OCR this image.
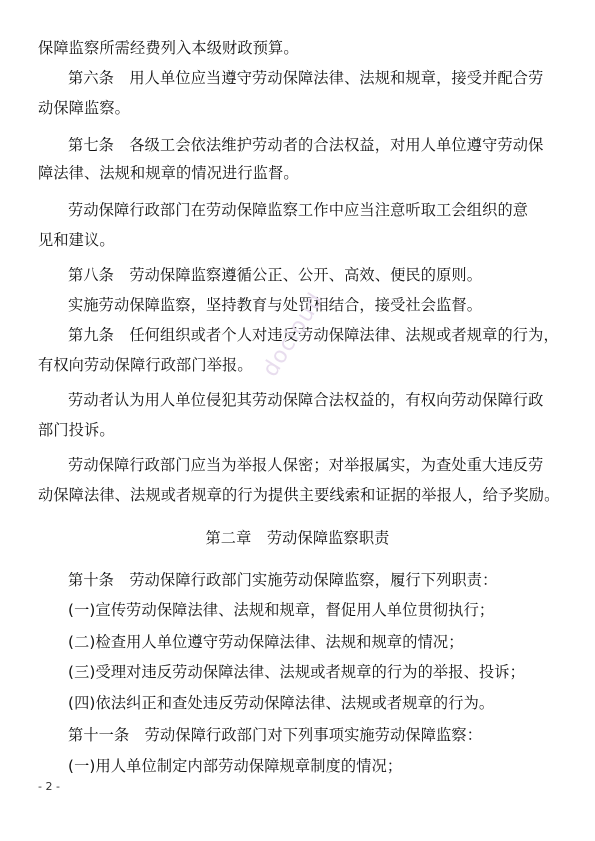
保障监察所需经费列入本级财政预算。
第六条　用人单位应当遵守劳动保障法律、法规和规章，接受并配合劳
动保障监察。
第七条　各级工会依法维护劳动者的合法权益，对用人单位遵守劳动保
障法律、法规和规章的情况进行监督。
劳动保障行政部门在劳动保障监察工作中应当注意听取工会组织的意
见和建议。
第八条　劳动保障监察遵循公正、公开、高效、便民的原则。
实施劳动保障监察，坚持教育与处罚相结合，接受社会监督。
第九条　任何组织或者个人对违反劳动保障法律、法规或者规章的行为，
有权向劳动保障行政部门举报。
劳动者认为用人单位侵犯其劳动保障合法权益的，有权向劳动保障行政
部门投诉。
劳动保障行政部门应当为举报人保密；对举报属实，为查处重大违反劳
动保障法律、法规或者规章的行为提供主要线索和证据的举报人，给予奖励。
第二章　劳动保障监察职责
第十条　劳动保障行政部门实施劳动保障监察，履行下列职责：
(一)宣传劳动保障法律、法规和规章，督促用人单位贯彻执行；
(二)检查用人单位遵守劳动保障法律、法规和规章的情况；
(三)受理对违反劳动保障法律、法规或者规章的行为的举报、投诉；
(四)依法纠正和查处违反劳动保障法律、法规或者规章的行为。
第十一条　劳动保障行政部门对下列事项实施劳动保障监察：
(一)用人单位制定内部劳动保障规章制度的情况；
docloud
- 2 -
